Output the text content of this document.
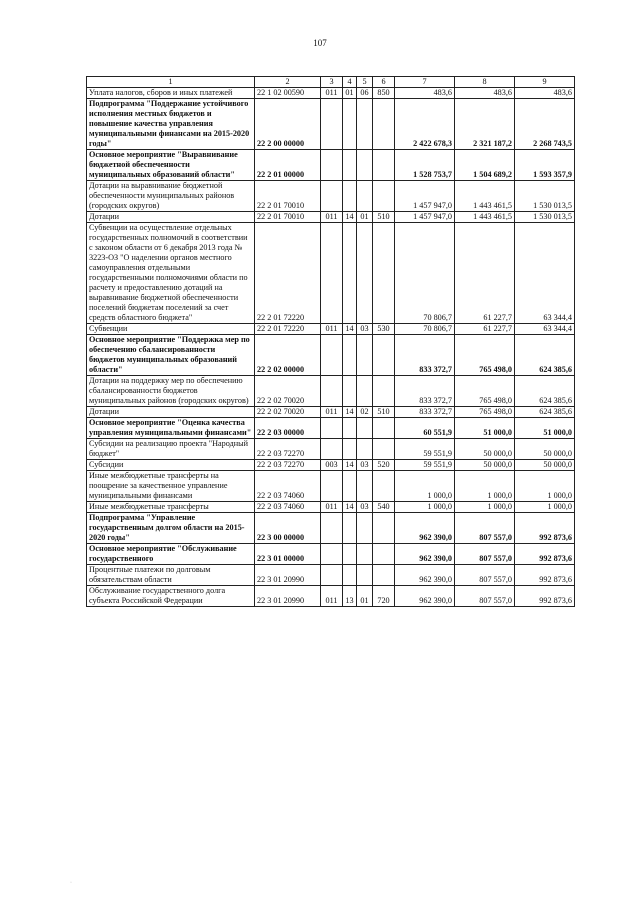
107
1	2	3	4	5	6	7	8	9
Уплата налогов, сборов и иных платежей	22 1 02 00590	011	01	06	850	483,6	483,6	483,6
Подпрограмма "Поддержание устойчивого исполнения местных бюджетов и повышение качества управления муниципальными финансами на 2015-2020 годы"	22 2 00 00000					2 422 678,3	2 321 187,2	2 268 743,5
Основное мероприятие "Выравнивание бюджетной обеспеченности муниципальных образований области"	22 2 01 00000					1 528 753,7	1 504 689,2	1 593 357,9
Дотации на выравнивание бюджетной обеспеченности муниципальных районов (городских округов)	22 2 01 70010					1 457 947,0	1 443 461,5	1 530 013,5
Дотации	22 2 01 70010	011	14	01	510	1 457 947,0	1 443 461,5	1 530 013,5
Субвенции на осуществление отдельных государственных полномочий в соответствии с законом области от 6 декабря 2013 года № 3223-ОЗ "О наделении органов местного самоуправления отдельными государственными полномочиями области по расчету и предоставлению дотаций на выравнивание бюджетной обеспеченности поселений бюджетам поселений за счет средств областного бюджета"	22 2 01 72220					70 806,7	61 227,7	63 344,4
Субвенции	22 2 01 72220	011	14	03	530	70 806,7	61 227,7	63 344,4
Основное мероприятие "Поддержка мер по обеспечению сбалансированности бюджетов муниципальных образований области"	22 2 02 00000					833 372,7	765 498,0	624 385,6
Дотации на поддержку мер по обеспечению сбалансированности бюджетов муниципальных районов (городских округов)	22 2 02 70020					833 372,7	765 498,0	624 385,6
Дотации	22 2 02 70020	011	14	02	510	833 372,7	765 498,0	624 385,6
Основное мероприятие "Оценка качества управления муниципальными финансами"	22 2 03 00000					60 551,9	51 000,0	51 000,0
Субсидии на реализацию проекта "Народный бюджет"	22 2 03 72270					59 551,9	50 000,0	50 000,0
Субсидии	22 2 03 72270	003	14	03	520	59 551,9	50 000,0	50 000,0
Иные межбюджетные трансферты на поощрение за качественное управление муниципальными финансами	22 2 03 74060					1 000,0	1 000,0	1 000,0
Иные межбюджетные трансферты	22 2 03 74060	011	14	03	540	1 000,0	1 000,0	1 000,0
Подпрограмма "Управление государственным долгом области на 2015-2020 годы"	22 3 00 00000					962 390,0	807 557,0	992 873,6
Основное мероприятие "Обслуживание государственного	22 3 01 00000					962 390,0	807 557,0	992 873,6
Процентные платежи по долговым обязательствам области	22 3 01 20990					962 390,0	807 557,0	992 873,6
Обслуживание государственного долга субъекта Российской Федерации	22 3 01 20990	011	13	01	720	962 390,0	807 557,0	992 873,6
·
